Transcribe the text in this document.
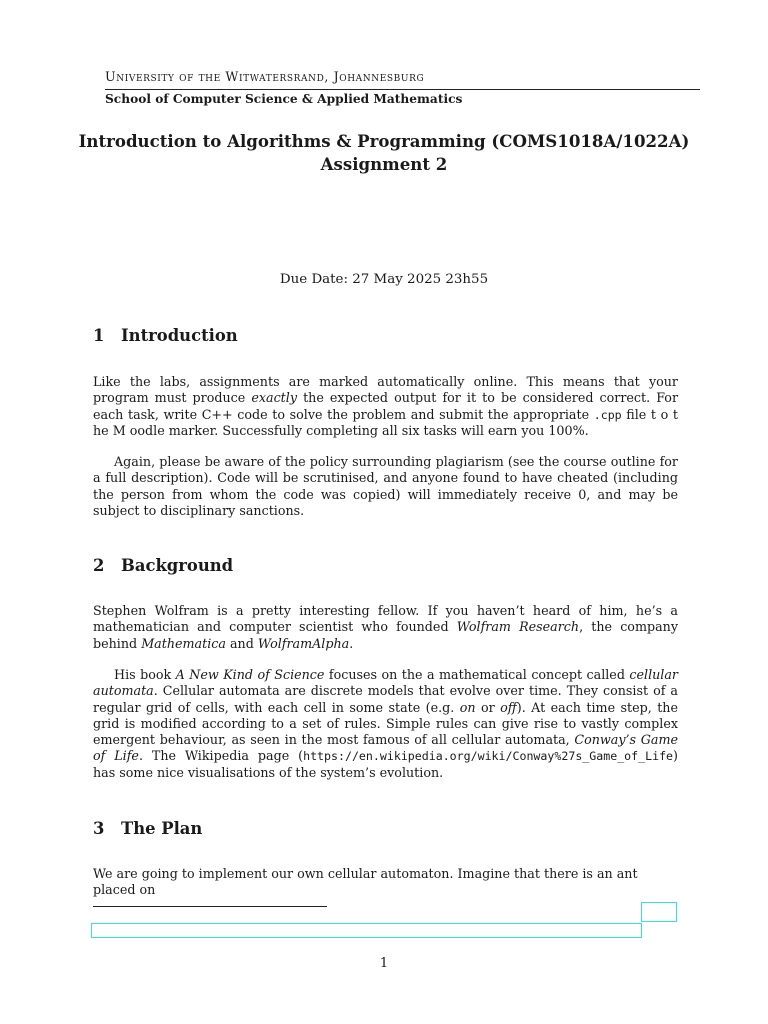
University of the Witwatersrand, Johannesburg
School of Computer Science & Applied Mathematics
Introduction to Algorithms & Programming (COMS1018A/1022A)
Assignment 2
Due Date: 27 May 2025 23h55
1 Introduction
Like the labs, assignments are marked automatically online. This means that your program must produce exactly the expected output for it to be considered correct. For each task, write C++ code to solve the problem and submit the appropriate .cpp file t o t he M oodle marker. Successfully completing all six tasks will earn you 100%.
Again, please be aware of the policy surrounding plagiarism (see the course outline for a full description). Code will be scrutinised, and anyone found to have cheated (including the person from whom the code was copied) will immediately receive 0, and may be subject to disciplinary sanctions.
2 Background
Stephen Wolfram is a pretty interesting fellow. If you haven’t heard of him, he’s a mathematician and computer scientist who founded Wolfram Research, the company behind Mathematica and WolframAlpha.
His book A New Kind of Science focuses on the a mathematical concept called cellular automata. Cellular automata are discrete models that evolve over time. They consist of a regular grid of cells, with each cell in some state (e.g. on or off). At each time step, the grid is modified according to a set of rules. Simple rules can give rise to vastly complex emergent behaviour, as seen in the most famous of all cellular automata, Conway’s Game of Life. The Wikipedia page (https://en.wikipedia.org/wiki/Conway%27s_Game_of_Life) has some nice visualisations of the system’s evolution.
3 The Plan
We are going to implement our own cellular automaton. Imagine that there is an ant placed on
1
